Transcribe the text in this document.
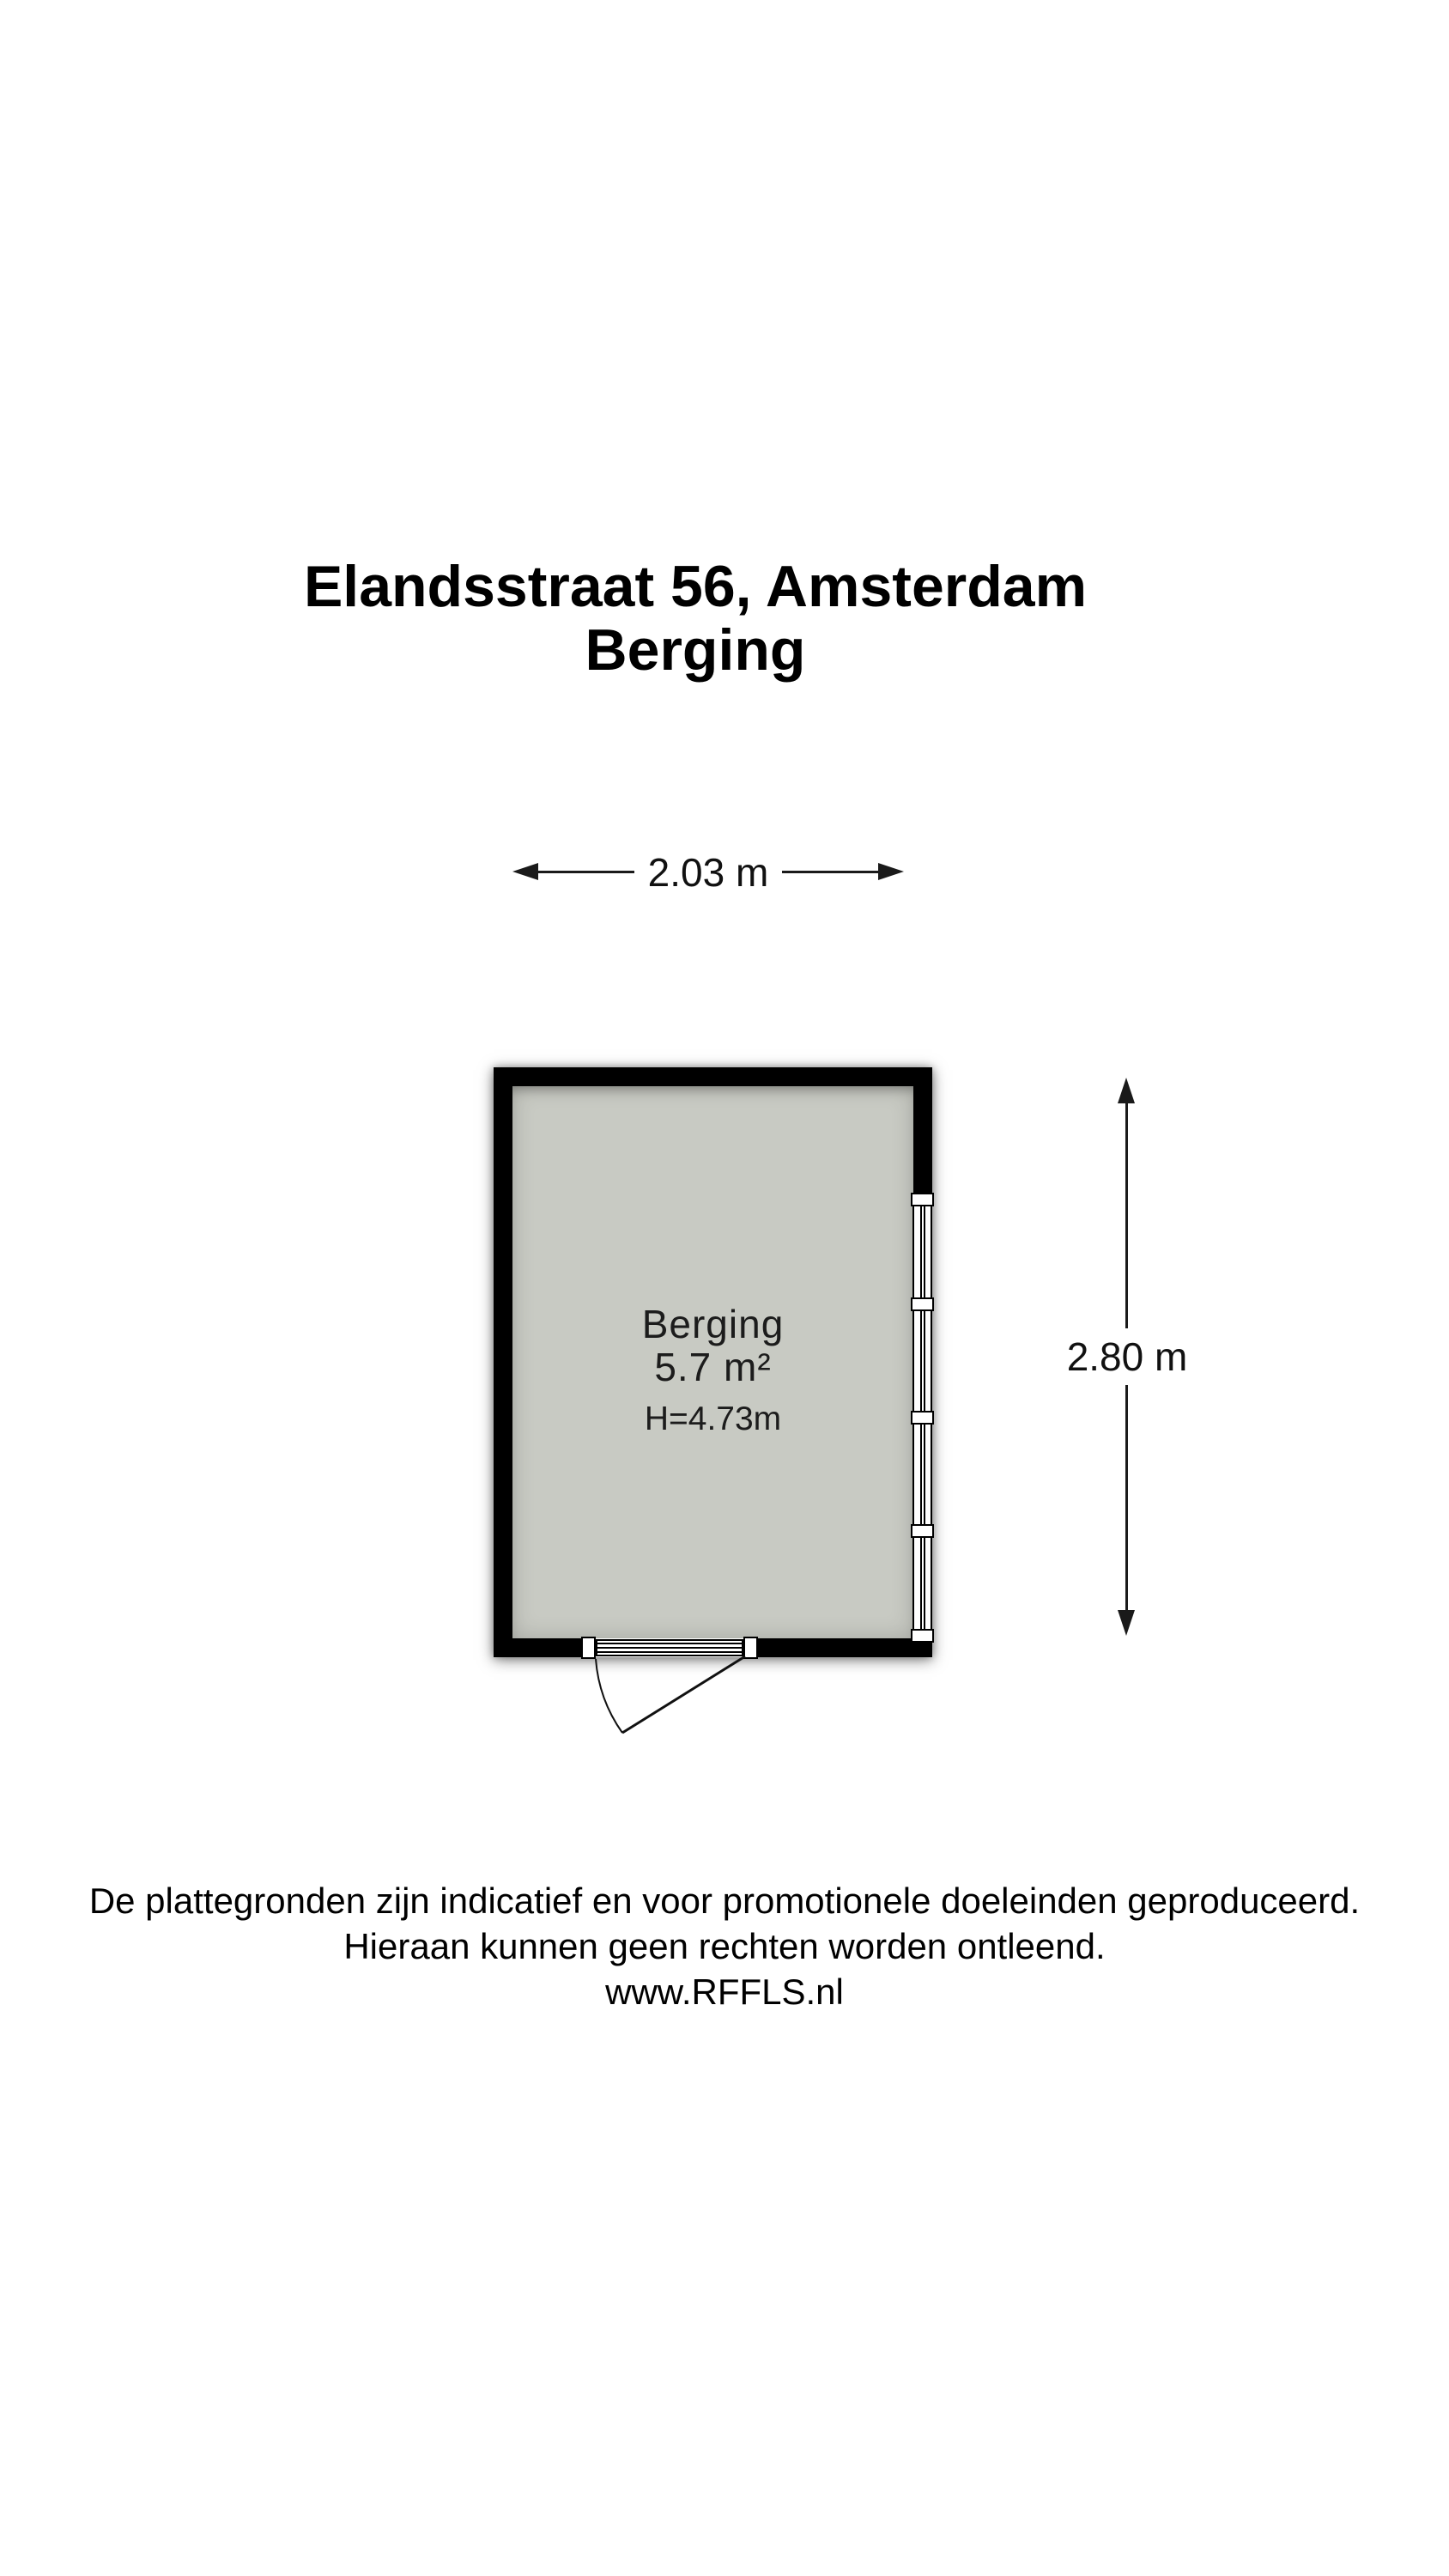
Elandsstraat 56, Amsterdam
Berging
2.03 m
Berging
5.7 m²
H=4.73m
2.80 m
De plattegronden zijn indicatief en voor promotionele doeleinden geproduceerd.
Hieraan kunnen geen rechten worden ontleend.
www.RFFLS.nl
